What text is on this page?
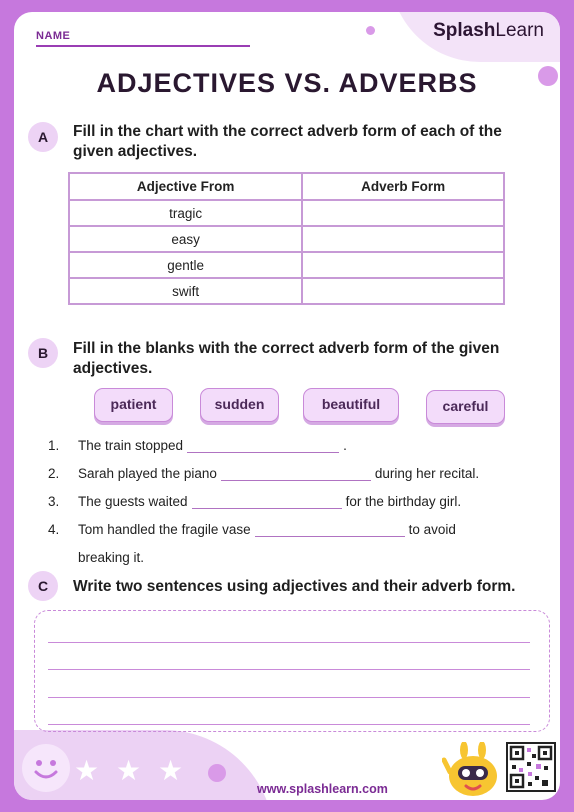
NAME	SplashLearn
ADJECTIVES VS. ADVERBS
A	Fill in the chart with the correct adverb form of each of the given adjectives.
Adjective From	Adverb Form
tragic	
easy	
gentle	
swift	
B	Fill in the blanks with the correct adverb form of the given adjectives.
patient	sudden	beautiful	careful
1. The train stopped	.
2. Sarah played the piano	during her recital.
3. The guests waited	for the birthday girl.
4. Tom handled the fragile vase	to avoid
breaking it.
C	Write two sentences using adjectives and their adverb form.
★ ★ ★
www.splashlearn.com
